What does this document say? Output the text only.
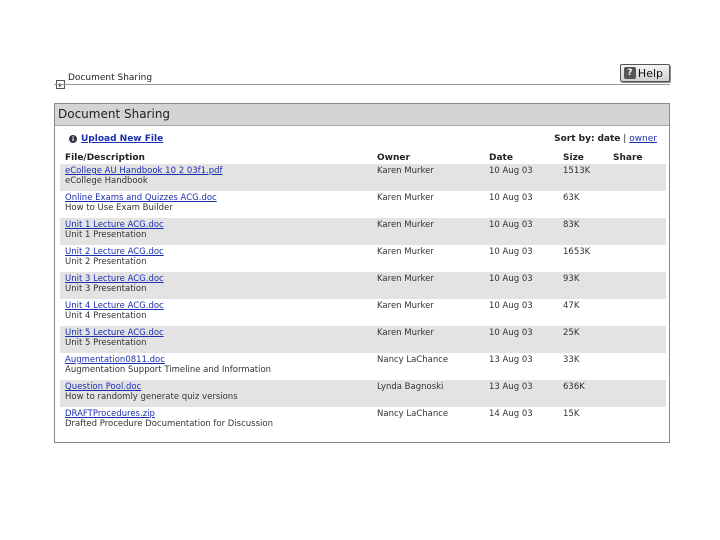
Document Sharing	? Help
Document Sharing
i Upload New File	Sort by: date | owner
File/Description	Owner	Date	Size	Share

eCollege AU Handbook 10 2 03f1.pdf
eCollege Handbook	Karen Murker	10 Aug 03	1513K	

Online Exams and Quizzes ACG.doc
How to Use Exam Builder	Karen Murker	10 Aug 03	63K	

Unit 1 Lecture ACG.doc
Unit 1 Presentation	Karen Murker	10 Aug 03	83K	

Unit 2 Lecture ACG.doc
Unit 2 Presentation	Karen Murker	10 Aug 03	1653K	

Unit 3 Lecture ACG.doc
Unit 3 Presentation	Karen Murker	10 Aug 03	93K	

Unit 4 Lecture ACG.doc
Unit 4 Presentation	Karen Murker	10 Aug 03	47K	

Unit 5 Lecture ACG.doc
Unit 5 Presentation	Karen Murker	10 Aug 03	25K	

Augmentation0811.doc
Augmentation Support Timeline and Information	Nancy LaChance	13 Aug 03	33K	

Question Pool.doc
How to randomly generate quiz versions	Lynda Bagnoski	13 Aug 03	636K	

DRAFTProcedures.zip
Drafted Procedure Documentation for Discussion	Nancy LaChance	14 Aug 03	15K	
